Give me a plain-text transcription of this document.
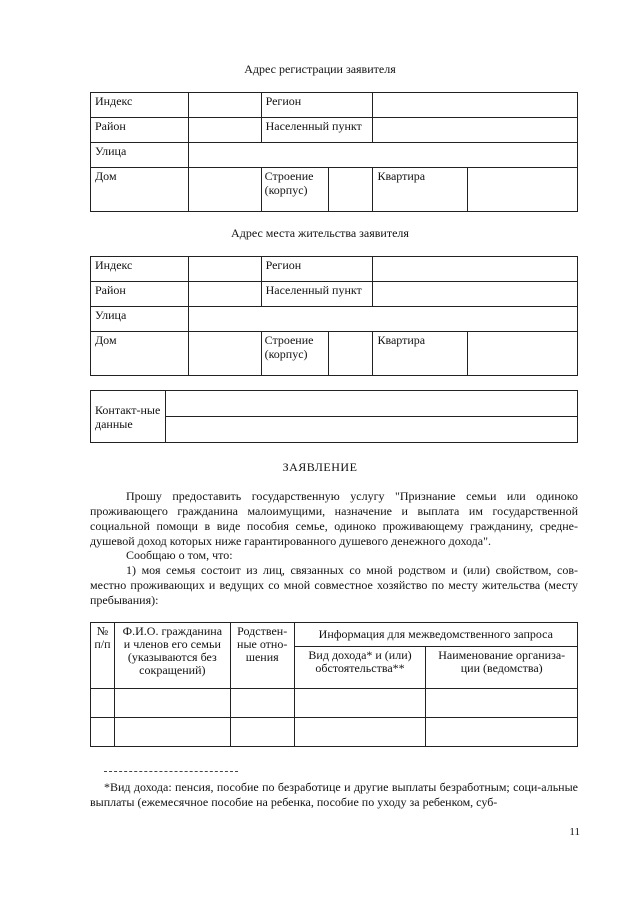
Адрес регистрации заявителя
Индекс		Регион		
Район		Населенный пункт		
Улица				
Дом		Строение (корпус)	Квартира	
Адрес места жительства заявителя
Индекс		Регион		
Район		Населенный пункт		
Улица				
Дом		Строение (корпус)	Квартира	
Контакт-ные данные	

ЗАЯВЛЕНИЕ
Прошу предоставить государственную услугу "Признание семьи или одиноко проживающего гражданина малоимущими, назначение и выплата им государственной социальной помощи в виде пособия семье, одиноко проживающему гражданину, средне-душевой доход которых ниже гарантированного душевого денежного дохода".
Сообщаю о том, что:
1) моя семья состоит из лиц, связанных со мной родством и (или) свойством, сов-местно проживающих и ведущих со мной совместное хозяйство по месту жительства (месту пребывания):
№ п/п	Ф.И.О. гражданина и членов его семьи (указываются без сокращений)	Родствен-ные отно-шения	Информация для межведомственного запроса	
			Вид дохода* и (или) обстоятельства**	Наименование организа-ции (ведомства)

*Вид дохода: пенсия, пособие по безработице и другие выплаты безработным; соци-альные выплаты (ежемесячное пособие на ребенка, пособие по уходу за ребенком, суб-
11
